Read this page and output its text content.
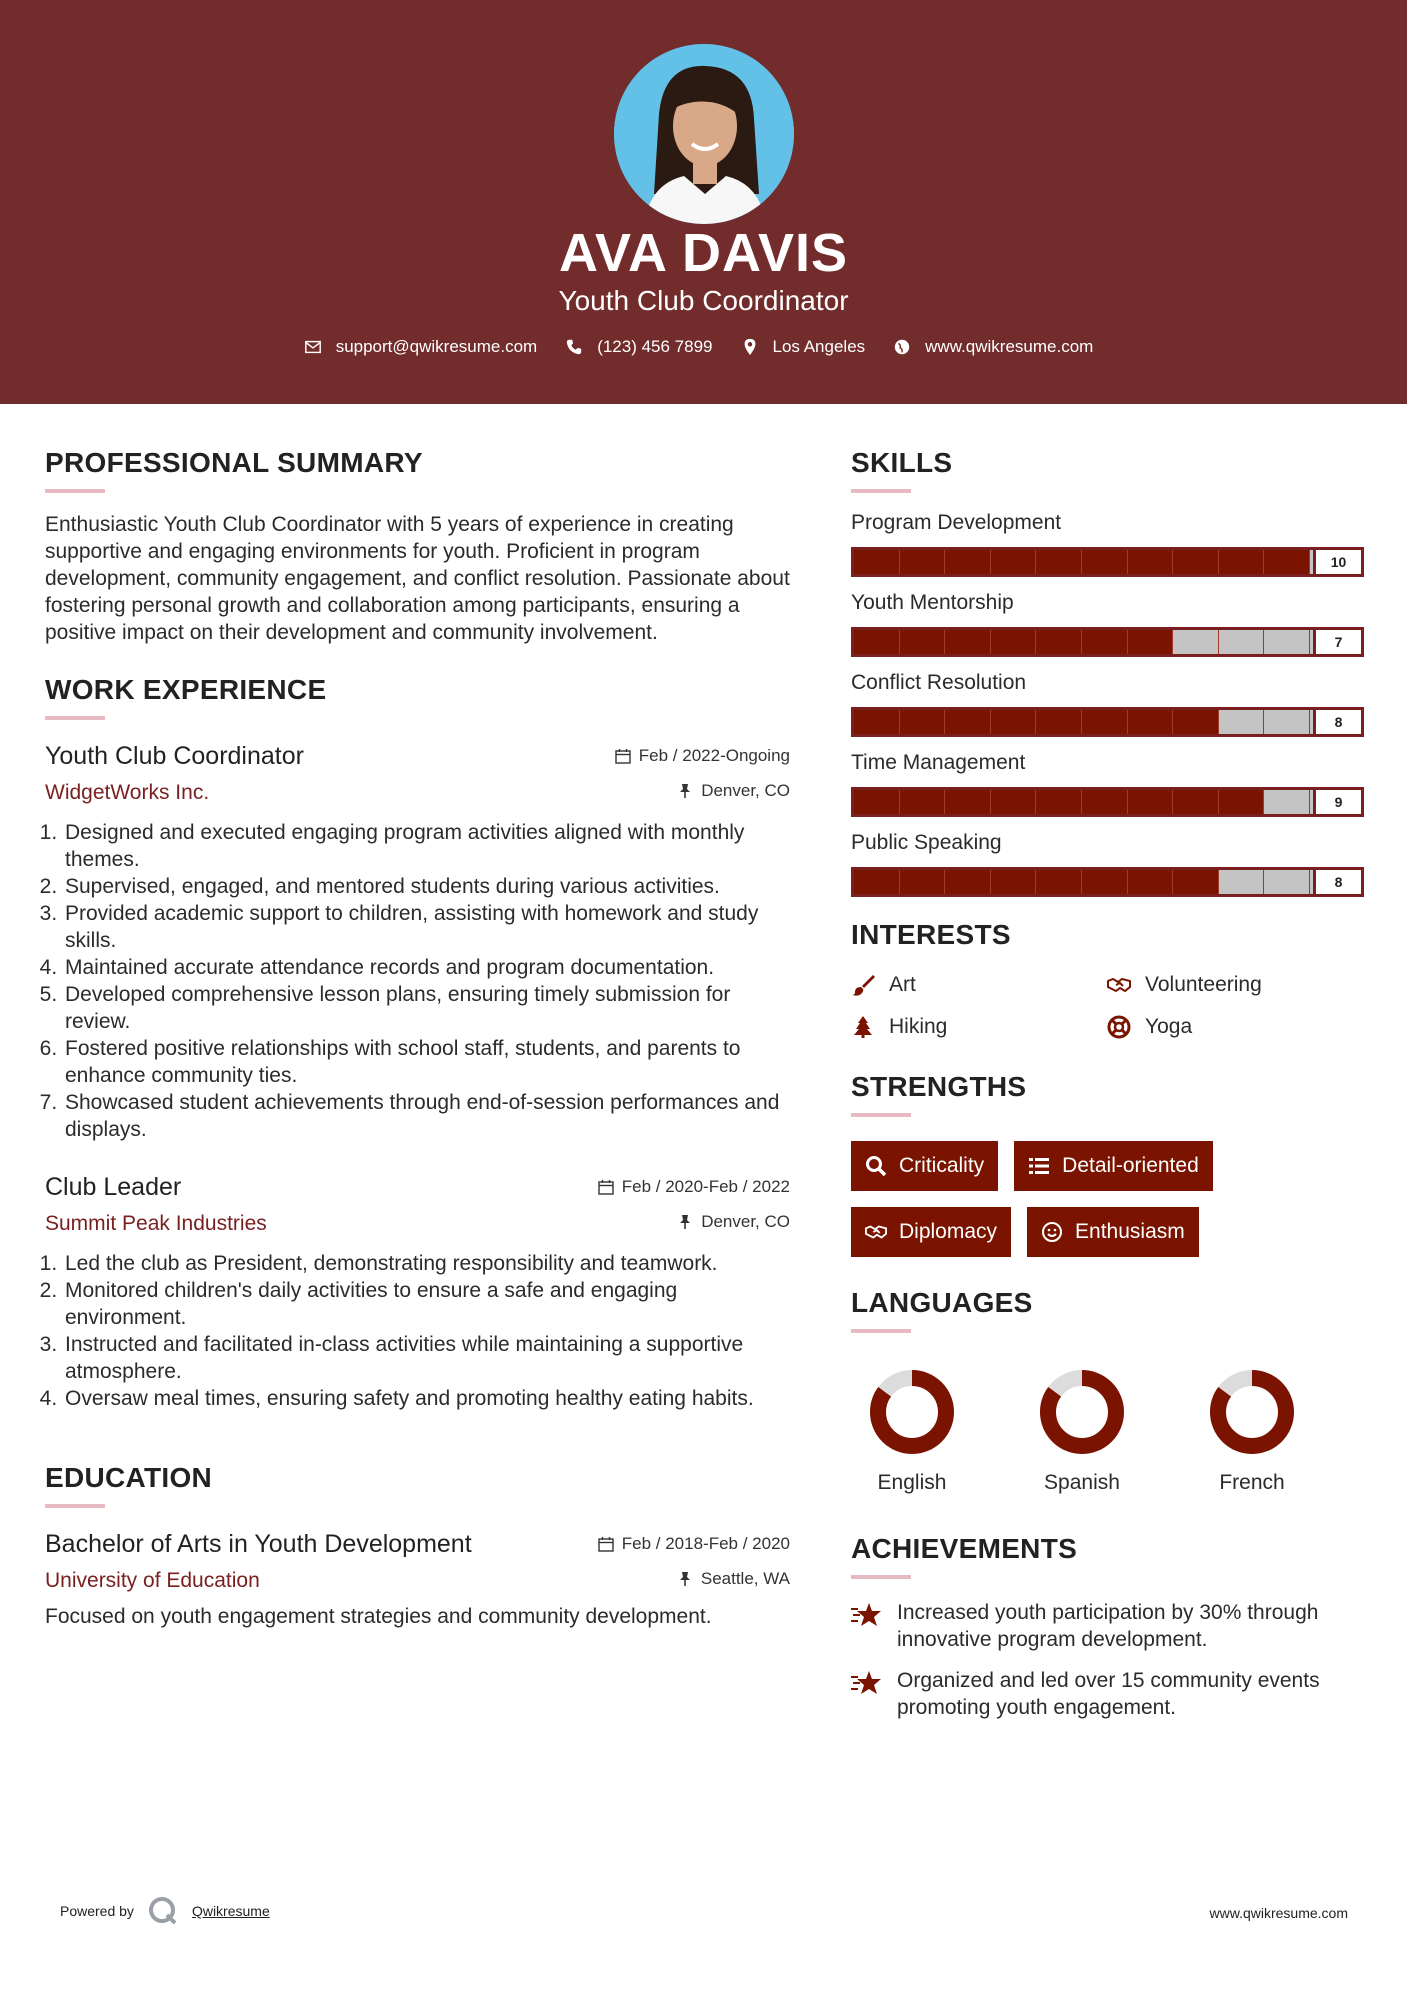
AVA DAVIS
Youth Club Coordinator
support@qwikresume.com	(123) 456 7899	Los Angeles	www.qwikresume.com
PROFESSIONAL SUMMARY
Enthusiastic Youth Club Coordinator with 5 years of experience in creating supportive and engaging environments for youth. Proficient in program development, community engagement, and conflict resolution. Passionate about fostering personal growth and collaboration among participants, ensuring a positive impact on their development and community involvement.
WORK EXPERIENCE
Youth Club Coordinator	Feb / 2022-Ongoing
WidgetWorks Inc.	Denver, CO
1. Designed and executed engaging program activities aligned with monthly themes.
2. Supervised, engaged, and mentored students during various activities.
3. Provided academic support to children, assisting with homework and study skills.
4. Maintained accurate attendance records and program documentation.
5. Developed comprehensive lesson plans, ensuring timely submission for review.
6. Fostered positive relationships with school staff, students, and parents to enhance community ties.
7. Showcased student achievements through end-of-session performances and displays.
Club Leader	Feb / 2020-Feb / 2022
Summit Peak Industries	Denver, CO
1. Led the club as President, demonstrating responsibility and teamwork.
2. Monitored children's daily activities to ensure a safe and engaging environment.
3. Instructed and facilitated in-class activities while maintaining a supportive atmosphere.
4. Oversaw meal times, ensuring safety and promoting healthy eating habits.
EDUCATION
Bachelor of Arts in Youth Development	Feb / 2018-Feb / 2020
University of Education	Seattle, WA
Focused on youth engagement strategies and community development.
SKILLS
Program Development
10
Youth Mentorship
7
Conflict Resolution
8
Time Management
9
Public Speaking
8
INTERESTS
Art	Volunteering
Hiking	Yoga
STRENGTHS
Criticality	Detail-oriented
Diplomacy	Enthusiasm
LANGUAGES
English	Spanish	French
ACHIEVEMENTS
Increased youth participation by 30% through innovative program development.
Organized and led over 15 community events promoting youth engagement.
Powered by	Qwikresume	www.qwikresume.com
